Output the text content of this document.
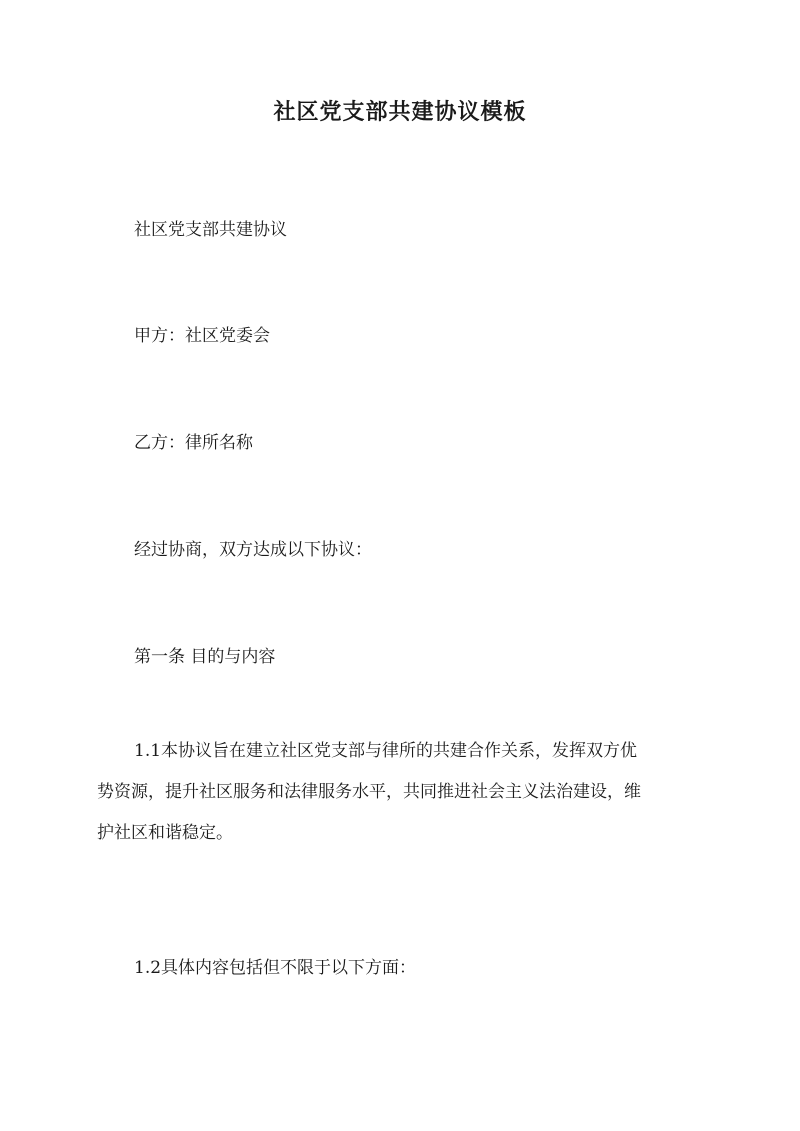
社区党支部共建协议模板
社区党支部共建协议
甲方：社区党委会
乙方：律所名称
经过协商，双方达成以下协议：
第一条 目的与内容
1.1本协议旨在建立社区党支部与律所的共建合作关系，发挥双方优
势资源，提升社区服务和法律服务水平，共同推进社会主义法治建设，维
护社区和谐稳定。
1.2具体内容包括但不限于以下方面：
